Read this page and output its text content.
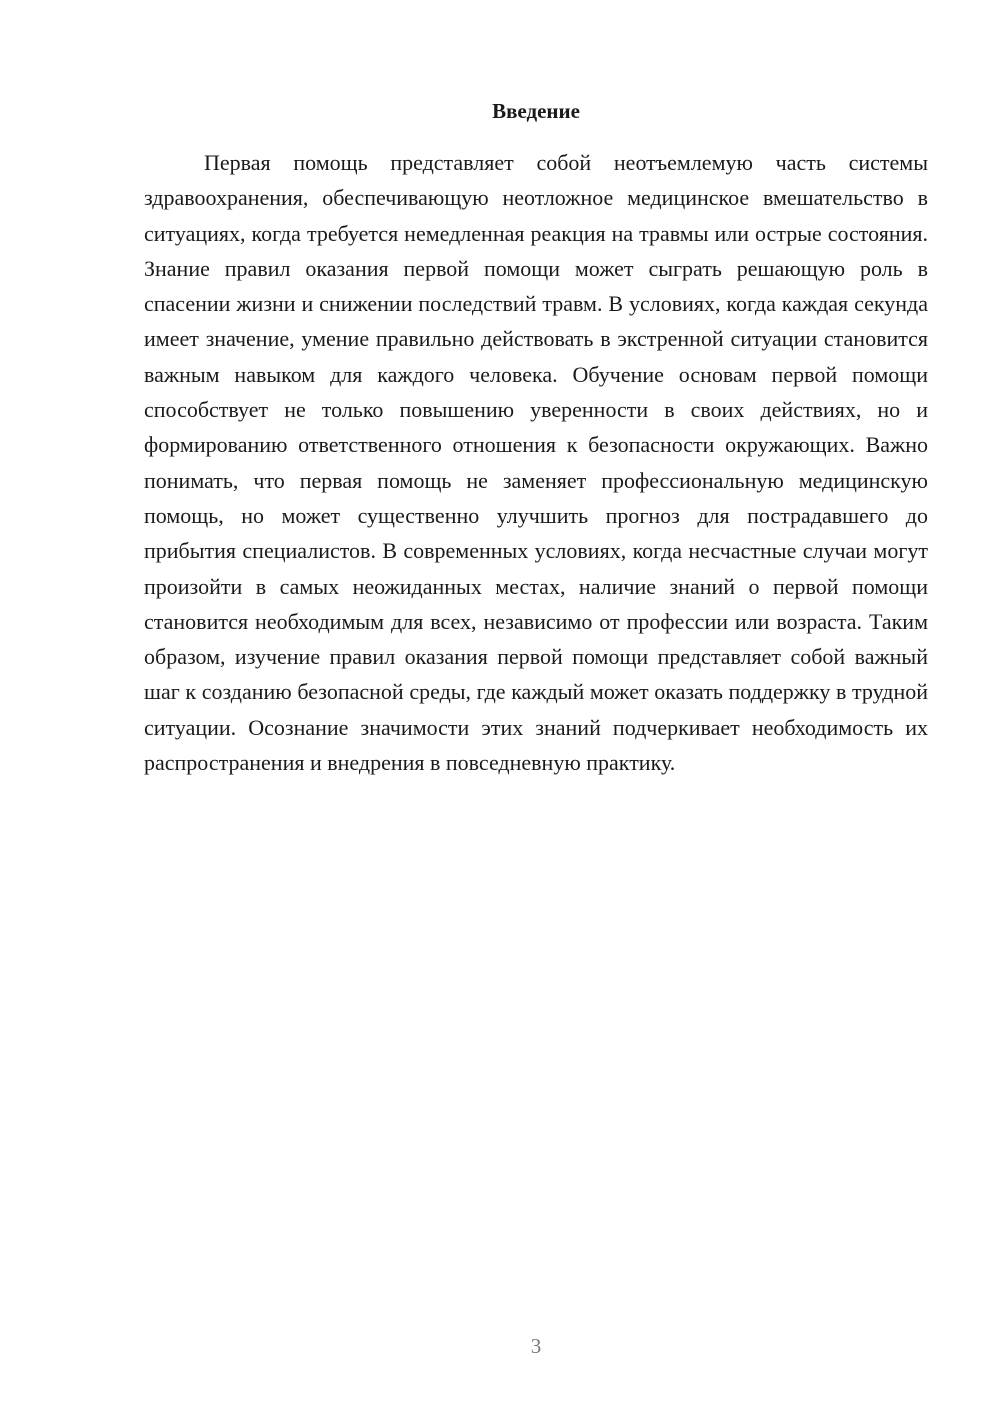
Введение

Первая помощь представляет собой неотъемлемую часть системы здравоохранения, обеспечивающую неотложное медицинское вмешательство в ситуациях, когда требуется немедленная реакция на травмы или острые состояния. Знание правил оказания первой помощи может сыграть решающую роль в спасении жизни и снижении последствий травм. В условиях, когда каждая секунда имеет значение, умение правильно действовать в экстренной ситуации становится важным навыком для каждого человека. Обучение основам первой помощи способствует не только повышению уверенности в своих действиях, но и формированию ответственного отношения к безопасности окружающих. Важно понимать, что первая помощь не заменяет профессиональную медицинскую помощь, но может существенно улучшить прогноз для пострадавшего до прибытия специалистов. В современных условиях, когда несчастные случаи могут произойти в самых неожиданных местах, наличие знаний о первой помощи становится необходимым для всех, независимо от профессии или возраста. Таким образом, изучение правил оказания первой помощи представляет собой важный шаг к созданию безопасной среды, где каждый может оказать поддержку в трудной ситуации. Осознание значимости этих знаний подчеркивает необходимость их распространения и внедрения в повседневную практику.

3
